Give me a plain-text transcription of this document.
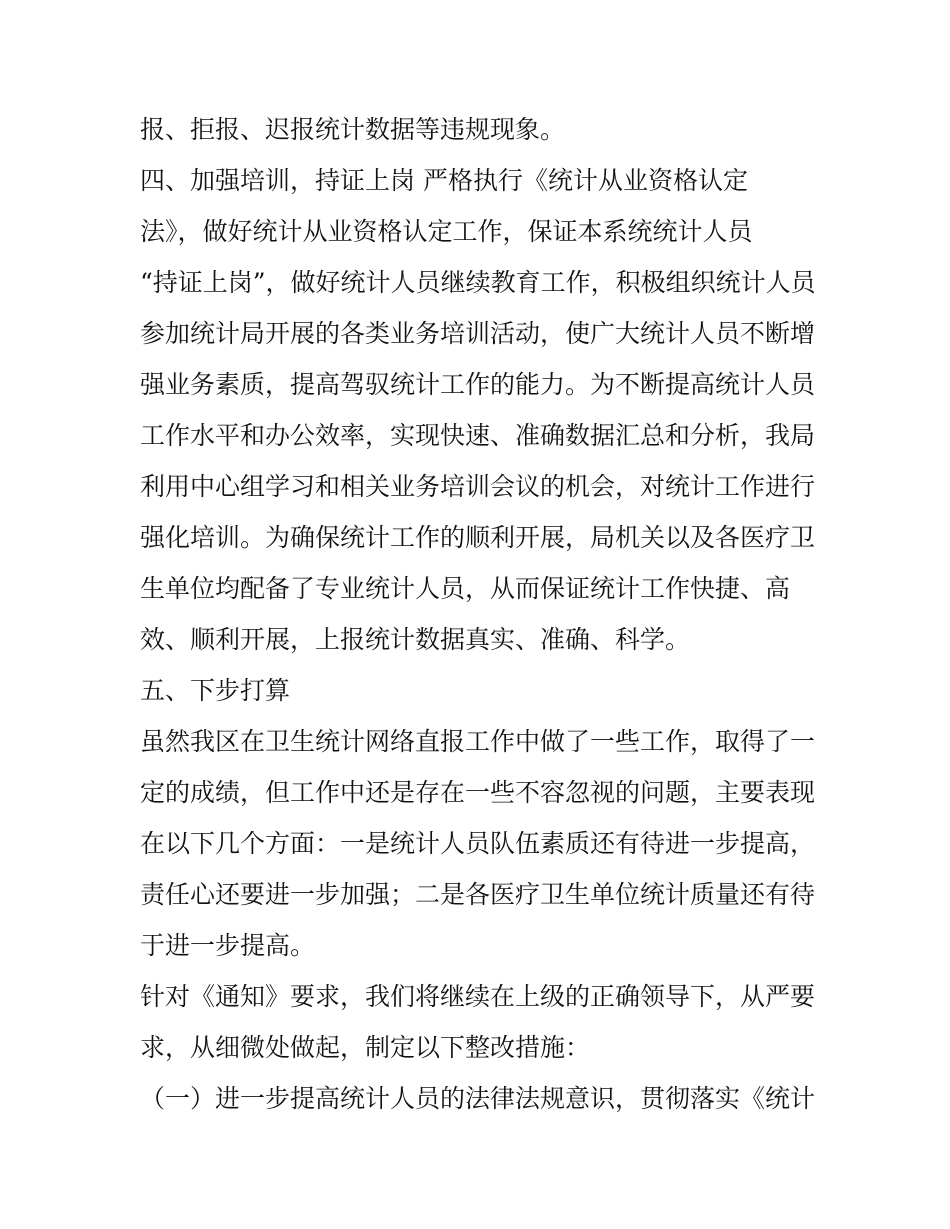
报、拒报、迟报统计数据等违规现象。
四、加强培训，持证上岗 严格执行《统计从业资格认定
法》，做好统计从业资格认定工作，保证本系统统计人员
“持证上岗”，做好统计人员继续教育工作，积极组织统计人员
参加统计局开展的各类业务培训活动，使广大统计人员不断增
强业务素质，提高驾驭统计工作的能力。为不断提高统计人员
工作水平和办公效率，实现快速、准确数据汇总和分析，我局
利用中心组学习和相关业务培训会议的机会，对统计工作进行
强化培训。为确保统计工作的顺利开展，局机关以及各医疗卫
生单位均配备了专业统计人员，从而保证统计工作快捷、高
效、顺利开展，上报统计数据真实、准确、科学。
五、下步打算
虽然我区在卫生统计网络直报工作中做了一些工作，取得了一
定的成绩，但工作中还是存在一些不容忽视的问题，主要表现
在以下几个方面：一是统计人员队伍素质还有待进一步提高，
责任心还要进一步加强；二是各医疗卫生单位统计质量还有待
于进一步提高。
针对《通知》要求，我们将继续在上级的正确领导下，从严要
求，从细微处做起，制定以下整改措施：
（一）进一步提高统计人员的法律法规意识，贯彻落实《统计
